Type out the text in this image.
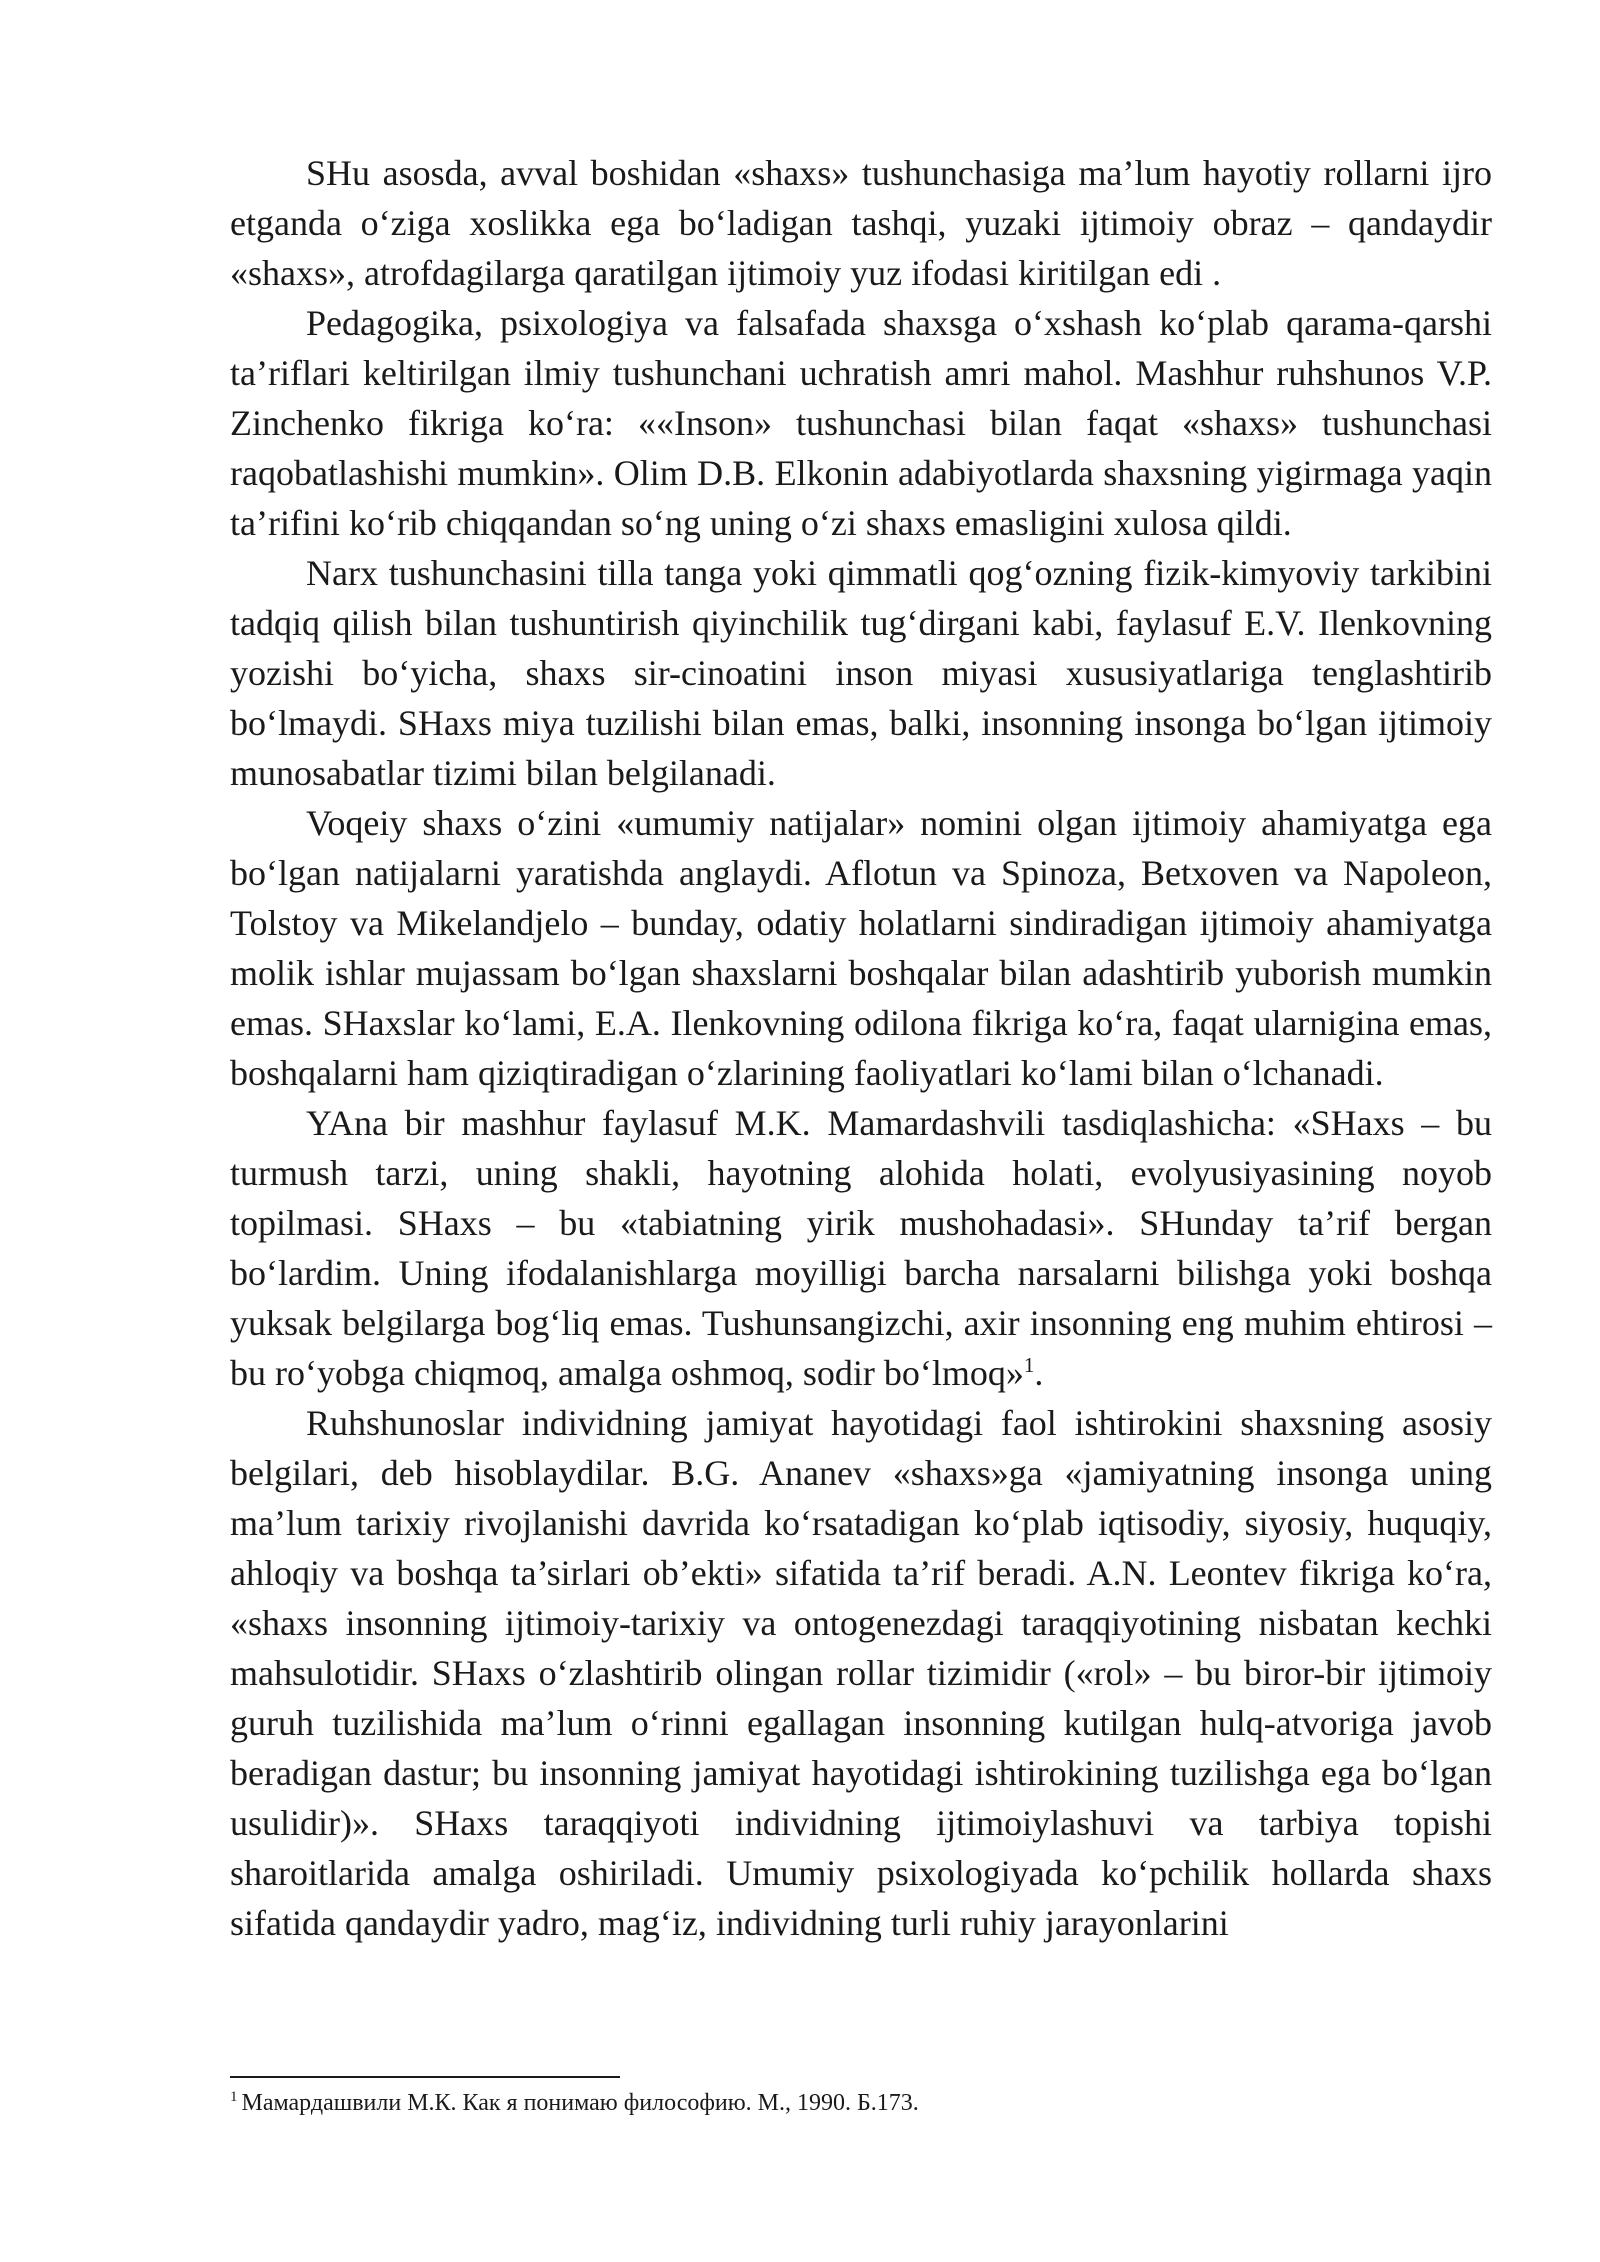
SHu asosda, avval boshidan «shaxs» tushunchasiga ma’lum hayotiy rollarni ijro etganda o‘ziga xoslikka ega bo‘ladigan tashqi, yuzaki ijtimoiy obraz – qandaydir «shaxs», atrofdagilarga qaratilgan ijtimoiy yuz ifodasi kiritilgan edi .

Pedagogika, psixologiya va falsafada shaxsga o‘xshash ko‘plab qarama-qarshi ta’riflari keltirilgan ilmiy tushunchani uchratish amri mahol. Mashhur ruhshunos V.P. Zinchenko fikriga ko‘ra: ««Inson» tushunchasi bilan faqat «shaxs» tushunchasi raqobatlashishi mumkin». Olim D.B. Elkonin adabiyotlarda shaxsning yigirmaga yaqin ta’rifini ko‘rib chiqqandan so‘ng uning o‘zi shaxs emasligini xulosa qildi.

Narx tushunchasini tilla tanga yoki qimmatli qog‘ozning fizik-kimyoviy tarkibini tadqiq qilish bilan tushuntirish qiyinchilik tug‘dirgani kabi, faylasuf E.V. Ilenkovning yozishi bo‘yicha, shaxs sir-cinoatini inson miyasi xususiyatlariga tenglashtirib bo‘lmaydi. SHaxs miya tuzilishi bilan emas, balki, insonning insonga bo‘lgan ijtimoiy munosabatlar tizimi bilan belgilanadi.

Voqeiy shaxs o‘zini «umumiy natijalar» nomini olgan ijtimoiy ahamiyatga ega bo‘lgan natijalarni yaratishda anglaydi. Aflotun va Spinoza, Betxoven va Napoleon, Tolstoy va Mikelandjelo – bunday, odatiy holatlarni sindiradigan ijtimoiy ahamiyatga molik ishlar mujassam bo‘lgan shaxslarni boshqalar bilan adashtirib yuborish mumkin emas. SHaxslar ko‘lami, E.A. Ilenkovning odilona fikriga ko‘ra, faqat ularnigina emas, boshqalarni ham qiziqtiradigan o‘zlarining faoliyatlari ko‘lami bilan o‘lchanadi.

YAna bir mashhur faylasuf M.K. Mamardashvili tasdiqlashicha: «SHaxs – bu turmush tarzi, uning shakli, hayotning alohida holati, evolyusiyasining noyob topilmasi. SHaxs – bu «tabiatning yirik mushohadasi». SHunday ta’rif bergan bo‘lardim. Uning ifodalanishlarga moyilligi barcha narsalarni bilishga yoki boshqa yuksak belgilarga bog‘liq emas. Tushunsangizchi, axir insonning eng muhim ehtirosi – bu ro‘yobga chiqmoq, amalga oshmoq, sodir bo‘lmoq»$^1$.

Ruhshunoslar individning jamiyat hayotidagi faol ishtirokini shaxsning asosiy belgilari, deb hisoblaydilar. B.G. Ananev «shaxs»ga «jamiyatning insonga uning ma’lum tarixiy rivojlanishi davrida ko‘rsatadigan ko‘plab iqtisodiy, siyosiy, huquqiy, ahloqiy va boshqa ta’sirlari ob’ekti» sifatida ta’rif beradi. A.N. Leontev fikriga ko‘ra, «shaxs insonning ijtimoiy-tarixiy va ontogenezdagi taraqqiyotining nisbatan kechki mahsulotidir. SHaxs o‘zlashtirib olingan rollar tizimidir («rol» – bu biror-bir ijtimoiy guruh tuzilishida ma’lum o‘rinni egallagan insonning kutilgan hulq-atvoriga javob beradigan dastur; bu insonning jamiyat hayotidagi ishtirokining tuzilishga ega bo‘lgan usulidir)». SHaxs taraqqiyoti individning ijtimoiylashuvi va tarbiya topishi sharoitlarida amalga oshiriladi. Umumiy psixologiyada ko‘pchilik hollarda shaxs sifatida qandaydir yadro, mag‘iz, individning turli ruhiy jarayonlarini

$^1$ Мамардашвили М.К. Как я понимаю философию. М., 1990. Б.173.
